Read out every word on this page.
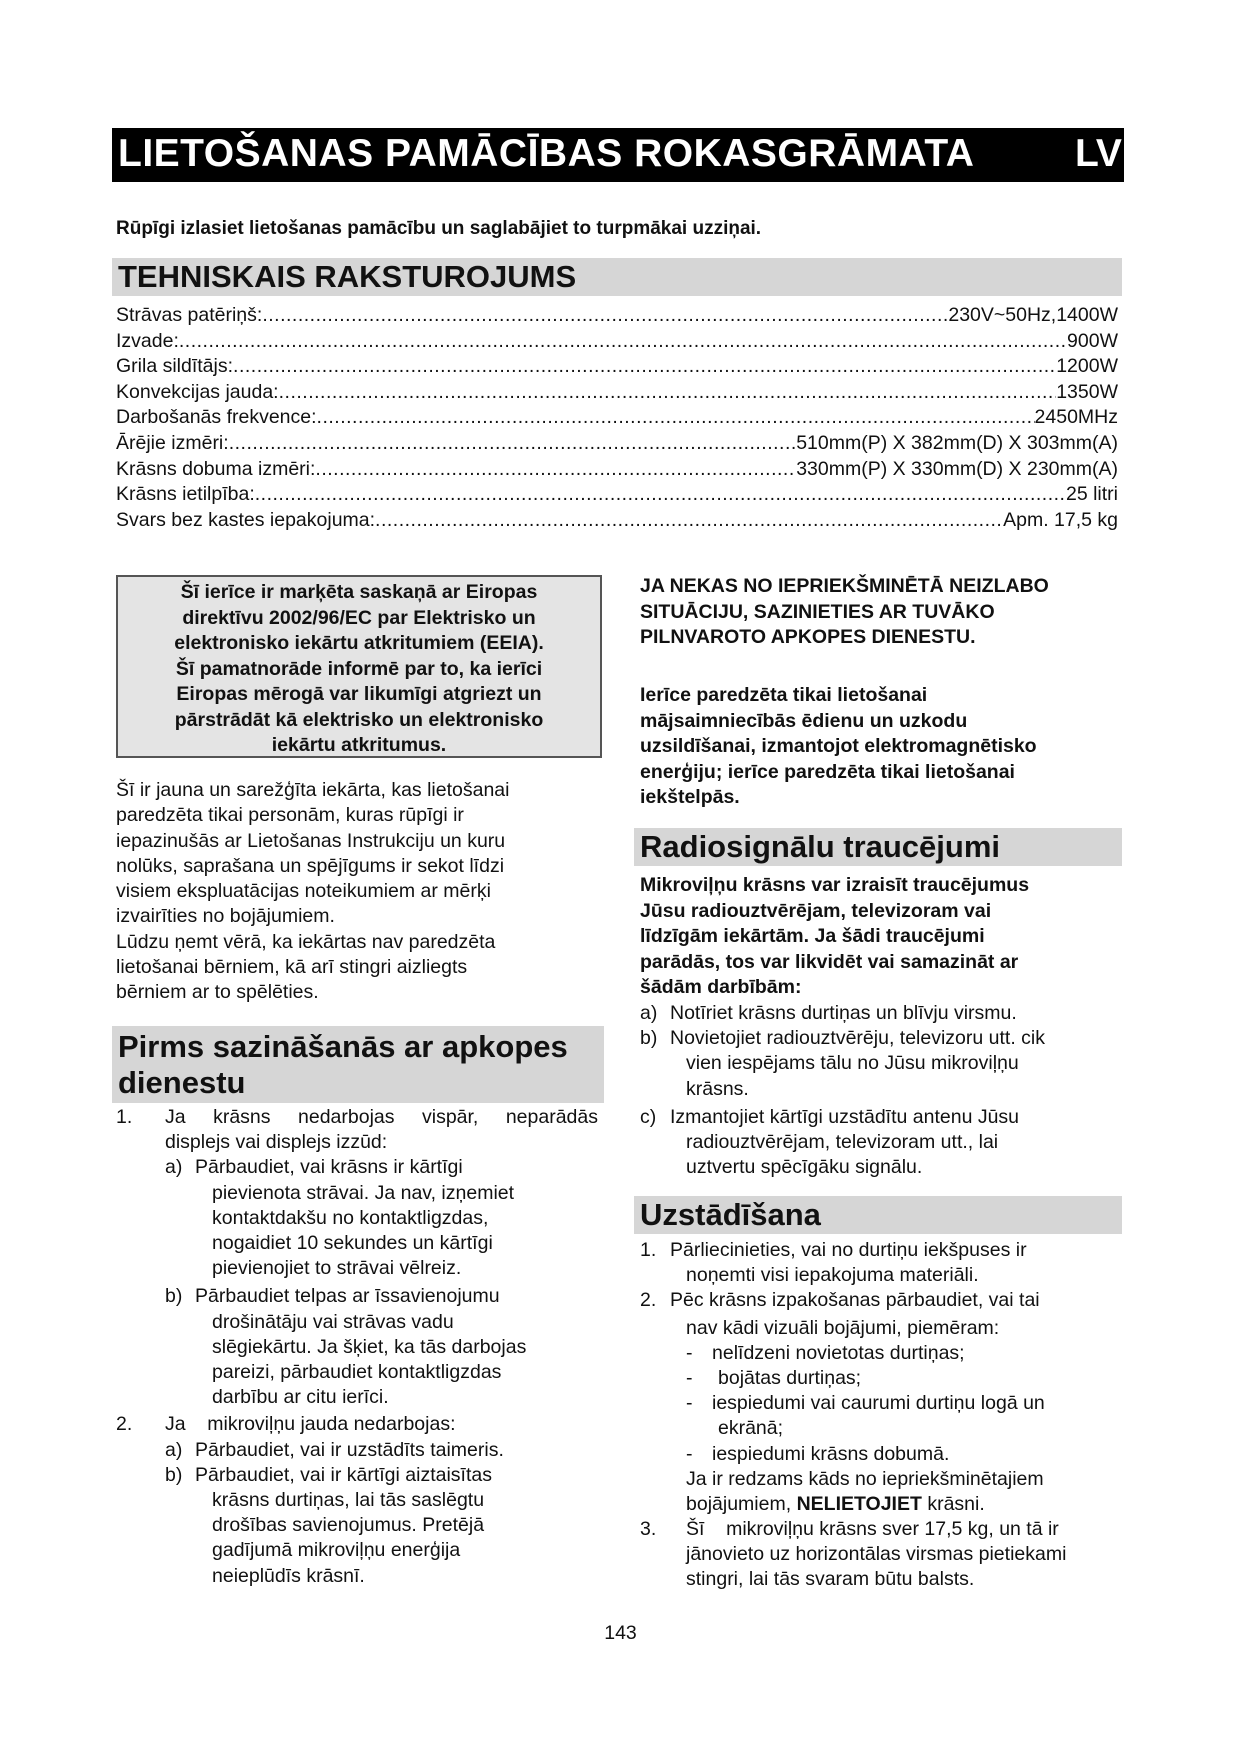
LIETOŠANAS PAMĀCĪBAS ROKASGRĀMATA	LV
Rūpīgi izlasiet lietošanas pamācību un saglabājiet to turpmākai uzziņai.
TEHNISKAIS RAKSTUROJUMS
Strāvas patēriņš: .....	230V~50Hz,1400W
Izvade: .....	900W
Grila sildītājs: .....	1200W
Konvekcijas jauda: .....	1350W
Darbošanās frekvence: .....	2450MHz
Ārējie izmēri: .....	510mm(P) X 382mm(D) X 303mm(A)
Krāsns dobuma izmēri: .....	330mm(P) X 330mm(D) X 230mm(A)
Krāsns ietilpība: .....	25 litri
Svars bez kastes iepakojuma: .....	Apm. 17,5 kg

Šī ierīce ir marķēta saskaņā ar Eiropas

direktīvu 2002/96/EC par Elektrisko un

elektronisko iekārtu atkritumiem (EEIA).

Šī pamatnorāde informē par to, ka ierīci

Eiropas mērogā var likumīgi atgriezt un

pārstrādāt kā elektrisko un elektronisko

iekārtu atkritumus.

Šī ir jauna un sarežģīta iekārta, kas lietošanai

paredzēta tikai personām, kuras rūpīgi ir

iepazinušās ar Lietošanas Instrukciju un kuru

nolūks, saprašana un spējīgums ir sekot līdzi

visiem ekspluatācijas noteikumiem ar mērķi

izvairīties no bojājumiem.

Lūdzu ņemt vērā, ka iekārtas nav paredzēta

lietošanai bērniem, kā arī stingri aizliegts

bērniem ar to spēlēties.

Pirms sazināšanās ar apkopes
dienestu
1. Ja krāsns nedarbojas vispār, neparādās
displejs vai displejs izzūd:
a) Pārbaudiet, vai krāsns ir kārtīgi
pievienota strāvai. Ja nav, izņemiet
kontaktdakšu no kontaktligzdas,
nogaidiet 10 sekundes un kārtīgi
pievienojiet to strāvai vēlreiz.
b) Pārbaudiet telpas ar īssavienojumu
drošinātāju vai strāvas vadu
slēgiekārtu. Ja šķiet, ka tās darbojas
pareizi, pārbaudiet kontaktligzdas
darbību ar citu ierīci.
2. Ja    mikroviļņu jauda nedarbojas:
a) Pārbaudiet, vai ir uzstādīts taimeris.
b) Pārbaudiet, vai ir kārtīgi aiztaisītas
krāsns durtiņas, lai tās saslēgtu
drošības savienojumus. Pretējā
gadījumā mikroviļņu enerģija
neieplūdīs krāsnī.
JA NEKAS NO IEPRIEKŠMINĒTĀ NEIZLABO
SITUĀCIJU, SAZINIETIES AR TUVĀKO
PILNVAROTO APKOPES DIENESTU.
Ierīce paredzēta tikai lietošanai
mājsaimniecībās ēdienu un uzkodu
uzsildīšanai, izmantojot elektromagnētisko
enerģiju; ierīce paredzēta tikai lietošanai
iekštelpās.
Radiosignālu traucējumi
Mikroviļņu krāsns var izraisīt traucējumus
Jūsu radiouztvērējam, televizoram vai
līdzīgām iekārtām. Ja šādi traucējumi
parādās, tos var likvidēt vai samazināt ar
šādām darbībām:
a) Notīriet krāsns durtiņas un blīvju virsmu.
b) Novietojiet radiouztvērēju, televizoru utt. cik
vien iespējams tālu no Jūsu mikroviļņu
krāsns.
c) Izmantojiet kārtīgi uzstādītu antenu Jūsu
radiouztvērējam, televizoram utt., lai
uztvertu spēcīgāku signālu.
Uzstādīšana
1. Pārliecinieties, vai no durtiņu iekšpuses ir
noņemti visi iepakojuma materiāli.
2. Pēc krāsns izpakošanas pārbaudiet, vai tai
nav kādi vizuāli bojājumi, piemēram:
- nelīdzeni novietotas durtiņas;
- bojātas durtiņas;
- iespiedumi vai caurumi durtiņu logā un
ekrānā;
- iespiedumi krāsns dobumā.
Ja ir redzams kāds no iepriekšminētajiem
bojājumiem, NELIETOJIET krāsni.
3. Šī    mikroviļņu krāsns sver 17,5 kg, un tā ir
jānovieto uz horizontālas virsmas pietiekami
stingri, lai tās svaram būtu balsts.
143
